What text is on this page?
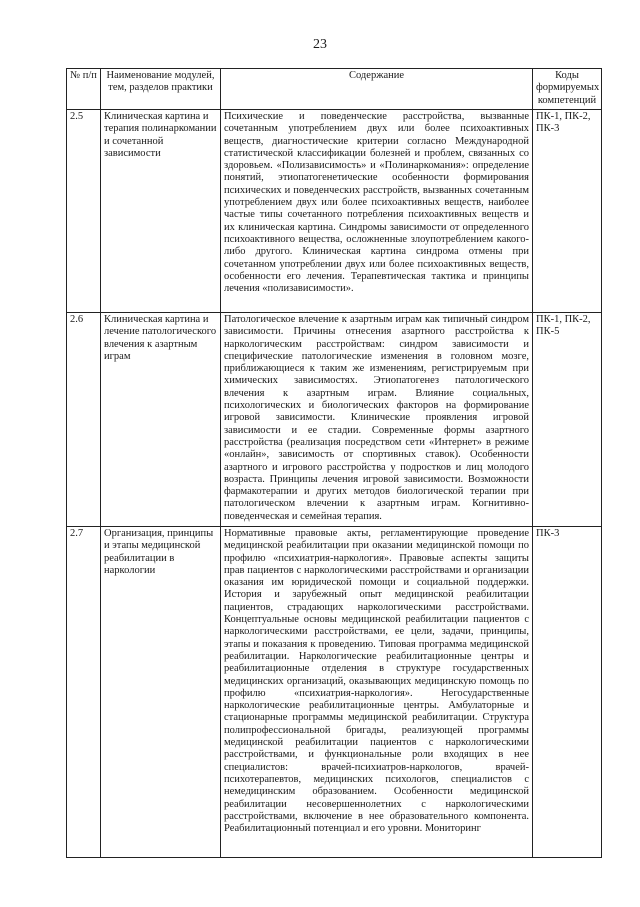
23
№ п/п	Наименование модулей, тем, разделов практики	Содержание	Коды формируемых компетенций
2.5	Клиническая картина и терапия полинаркомании и сочетанной зависимости	Психические и поведенческие расстройства, вызванные сочетанным употреблением двух или более психоактивных веществ, диагностические критерии согласно Международной статистической классификации болезней и проблем, связанных со здоровьем. «Полизависимость» и «Полинаркомания»: определение понятий, этиопатогенетические особенности формирования психических и поведенческих расстройств, вызванных сочетанным употреблением двух или более психоактивных веществ, наиболее частые типы сочетанного потребления психоактивных веществ и их клиническая картина. Синдромы зависимости от определенного психоактивного вещества, осложненные злоупотреблением какого-либо другого. Клиническая картина синдрома отмены при сочетанном употреблении двух или более психоактивных веществ, особенности его лечения. Терапевтическая тактика и принципы лечения «полизависимости».	ПК-1, ПК-2, ПК-3
2.6	Клиническая картина и лечение патологического влечения к азартным играм	Патологическое влечение к азартным играм как типичный синдром зависимости. Причины отнесения азартного расстройства к наркологическим расстройствам: синдром зависимости и специфические патологические изменения в головном мозге, приближающиеся к таким же изменениям, регистрируемым при химических зависимостях. Этиопатогенез патологического влечения к азартным играм. Влияние социальных, психологических и биологических факторов на формирование игровой зависимости. Клинические проявления игровой зависимости и ее стадии. Современные формы азартного расстройства (реализация посредством сети «Интернет» в режиме «онлайн», зависимость от спортивных ставок). Особенности азартного и игрового расстройства у подростков и лиц молодого возраста. Принципы лечения игровой зависимости. Возможности фармакотерапии и других методов биологической терапии при патологическом влечении к азартным играм. Когнитивно-поведенческая и семейная терапия.	ПК-1, ПК-2, ПК-5
2.7	Организация, принципы и этапы медицинской реабилитации в наркологии	Нормативные правовые акты, регламентирующие проведение медицинской реабилитации при оказании медицинской помощи по профилю «психиатрия-наркология». Правовые аспекты защиты прав пациентов с наркологическими расстройствами и организации оказания им юридической помощи и социальной поддержки. История и зарубежный опыт медицинской реабилитации пациентов, страдающих наркологическими расстройствами. Концептуальные основы медицинской реабилитации пациентов с наркологическими расстройствами, ее цели, задачи, принципы, этапы и показания к проведению. Типовая программа медицинской реабилитации. Наркологические реабилитационные центры и реабилитационные отделения в структуре государственных медицинских организаций, оказывающих медицинскую помощь по профилю «психиатрия-наркология». Негосударственные наркологические реабилитационные центры. Амбулаторные и стационарные программы медицинской реабилитации. Структура полипрофессиональной бригады, реализующей программы медицинской реабилитации пациентов с наркологическими расстройствами, и функциональные роли входящих в нее специалистов: врачей-психиатров-наркологов, врачей-психотерапевтов, медицинских психологов, специалистов с немедицинским образованием. Особенности медицинской реабилитации несовершеннолетних с наркологическими расстройствами, включение в нее образовательного компонента. Реабилитационный потенциал и его уровни. Мониторинг	ПК-3
